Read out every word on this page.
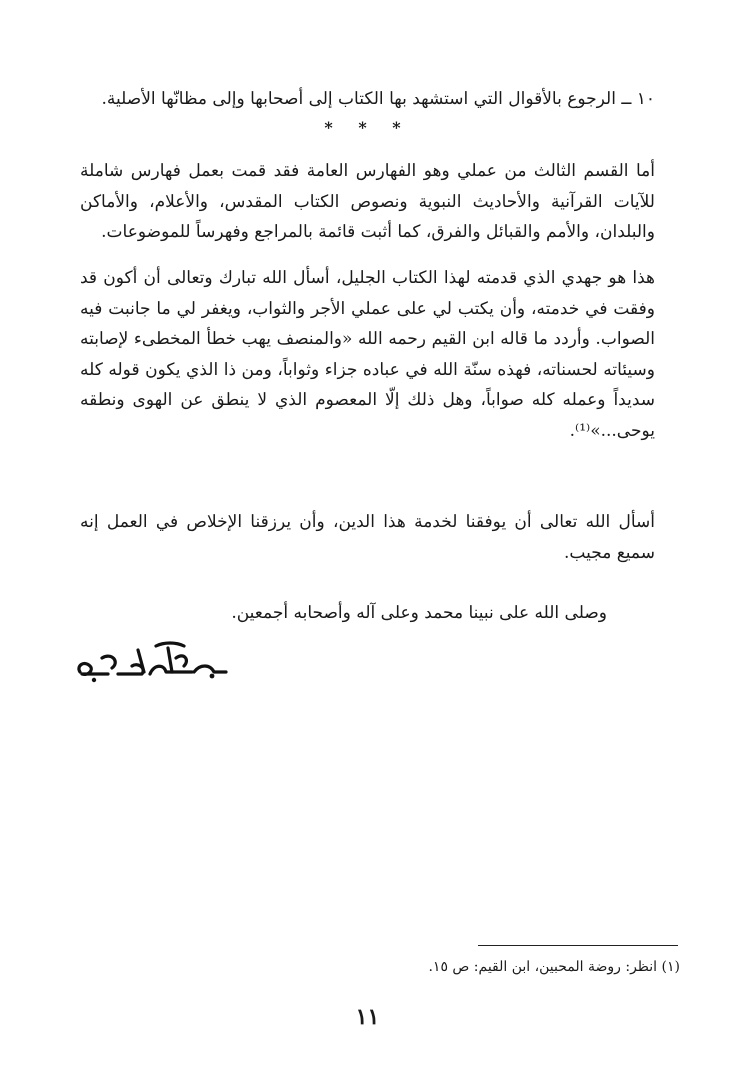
١٠ ــ الرجوع بالأقوال التي استشهد بها الكتاب إلى أصحابها وإلى مظانّها الأصلية.

* * *

أما القسم الثالث من عملي وهو الفهارس العامة فقد قمت بعمل فهارس شاملة للآيات القرآنية والأحاديث النبوية ونصوص الكتاب المقدس، والأعلام، والأماكن والبلدان، والأمم والقبائل والفرق، كما أثبت قائمة بالمراجع وفهرساً للموضوعات.

هذا هو جهدي الذي قدمته لهذا الكتاب الجليل، أسأل الله تبارك وتعالى أن أكون قد وفقت في خدمته، وأن يكتب لي على عملي الأجر والثواب، ويغفر لي ما جانبت فيه الصواب. وأردد ما قاله ابن القيم رحمه الله «والمنصف يهب خطأ المخطىء لإصابته وسيئاته لحسناته، فهذه سنّة الله في عباده جزاء وثواباً، ومن ذا الذي يكون قوله كله سديداً وعمله كله صواباً، وهل ذلك إلّا المعصوم الذي لا ينطق عن الهوى ونطقه يوحى...»⁽¹⁾.

أسأل الله تعالى أن يوفقنا لخدمة هذا الدين، وأن يرزقنا الإخلاص في العمل إنه سميع مجيب.

وصلى الله على نبينا محمد وعلى آله وأصحابه أجمعين.

(١) انظر: روضة المحبين، ابن القيم: ص ١٥.

١١
